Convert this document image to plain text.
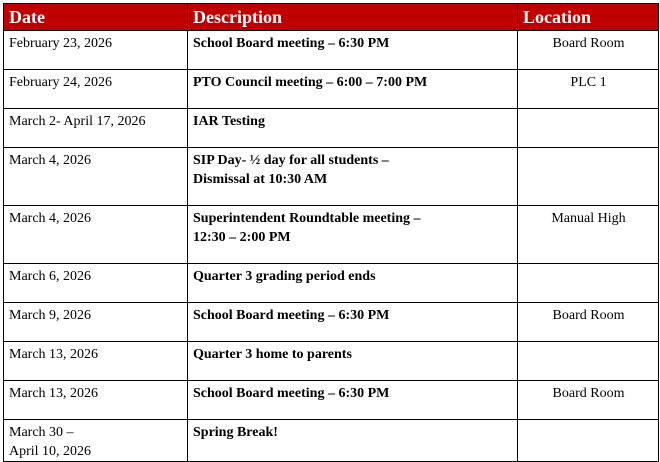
Date	Description	Location

February 23, 2026	School Board meeting – 6:30 PM	Board Room

February 24, 2026	PTO Council meeting – 6:00 – 7:00 PM	PLC 1

March 2- April 17, 2026	IAR Testing	

March 4, 2026	SIP Day- ½ day for all students –
Dismissal at 10:30 AM	

March 4, 2026	Superintendent Roundtable meeting –
12:30 – 2:00 PM	Manual High

March 6, 2026	Quarter 3 grading period ends	

March 9, 2026	School Board meeting – 6:30 PM	Board Room

March 13, 2026	Quarter 3 home to parents	

March 13, 2026	School Board meeting – 6:30 PM	Board Room

March 30 –
April 10, 2026	Spring Break!	
